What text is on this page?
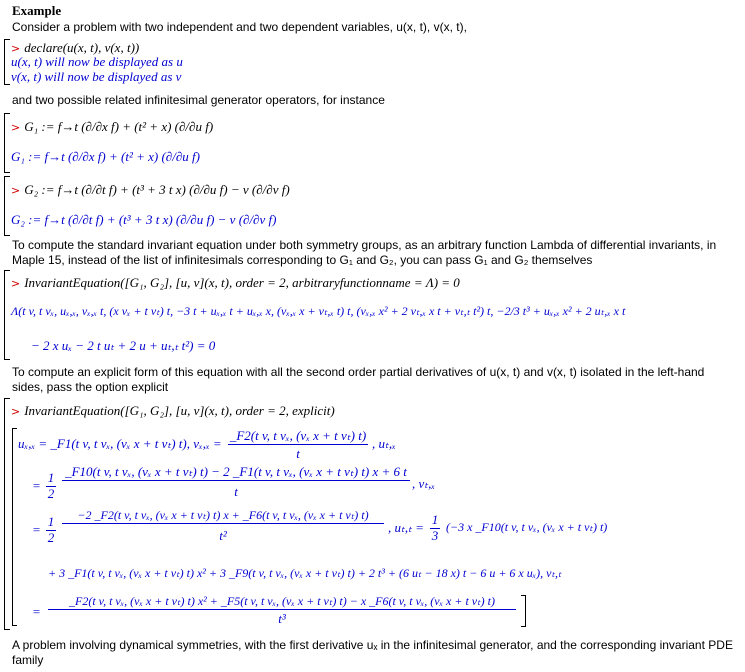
Example
Consider a problem with two independent and two dependent variables, u(x, t), v(x, t),
> declare(u(x, t), v(x, t))
u(x, t) will now be displayed as u
v(x, t) will now be displayed as v
and two possible related infinitesimal generator operators, for instance
> G₁ := f→t (∂/∂x f) + (t² + x) (∂/∂u f)
G₁ := f→t (∂/∂x f) + (t² + x) (∂/∂u f)
> G₂ := f→t (∂/∂t f) + (t³ + 3 t x) (∂/∂u f) − v (∂/∂v f)
G₂ := f→t (∂/∂t f) + (t³ + 3 t x) (∂/∂u f) − v (∂/∂v f)
To compute the standard invariant equation under both symmetry groups, as an arbitrary function Lambda of differential invariants, in Maple 15, instead of the list of infinitesimals corresponding to G₁ and G₂, you can pass G₁ and G₂ themselves
> InvariantEquation([G₁, G₂], [u, v](x, t), order = 2, arbitraryfunctionname = Λ) = 0
Λ(t v, t vₓ, uₓ,ₓ, vₓ,ₓ t, (x vₓ + t vₜ) t, −3 t + uₓ,ₓ t + uₓ,ₓ x, (vₓ,ₓ x + vₜ,ₓ t) t, (vₓ,ₓ x² + 2 vₜ,ₓ x t + vₜ,ₜ t²) t, −2/3 t³ + uₓ,ₓ x² + 2 uₜ,ₓ x t
− 2 x uₓ − 2 t uₜ + 2 u + uₜ,ₜ t²) = 0
To compute an explicit form of this equation with all the second order partial derivatives of u(x, t) and v(x, t) isolated in the left-hand sides, pass the option explicit
> InvariantEquation([G₁, G₂], [u, v](x, t), order = 2, explicit)
uₓ,ₓ = _F1(t v, t vₓ, (vₓ x + t vₜ) t), vₓ,ₓ =
_F2(t v, t vₓ, (vₓ x + t vₜ) t)
t
, uₜ,ₓ
=
1
2
_F10(t v, t vₓ, (vₓ x + t vₜ) t) − 2 _F1(t v, t vₓ, (vₓ x + t vₜ) t) x + 6 t
t
, vₜ,ₓ
=
1
2
−2 _F2(t v, t vₓ, (vₓ x + t vₜ) t) x + _F6(t v, t vₓ, (vₓ x + t vₜ) t)
t²
, uₜ,ₜ =
1
3
(−3 x _F10(t v, t vₓ, (vₓ x + t vₜ) t)
+ 3 _F1(t v, t vₓ, (vₓ x + t vₜ) t) x² + 3 _F9(t v, t vₓ, (vₓ x + t vₜ) t) + 2 t³ + (6 uₜ − 18 x) t − 6 u + 6 x uₓ), vₜ,ₜ
=
_F2(t v, t vₓ, (vₓ x + t vₜ) t) x² + _F5(t v, t vₓ, (vₓ x + t vₜ) t) − x _F6(t v, t vₓ, (vₓ x + t vₜ) t)
t³
A problem involving dynamical symmetries, with the first derivative uₓ in the infinitesimal generator, and the corresponding invariant PDE family
